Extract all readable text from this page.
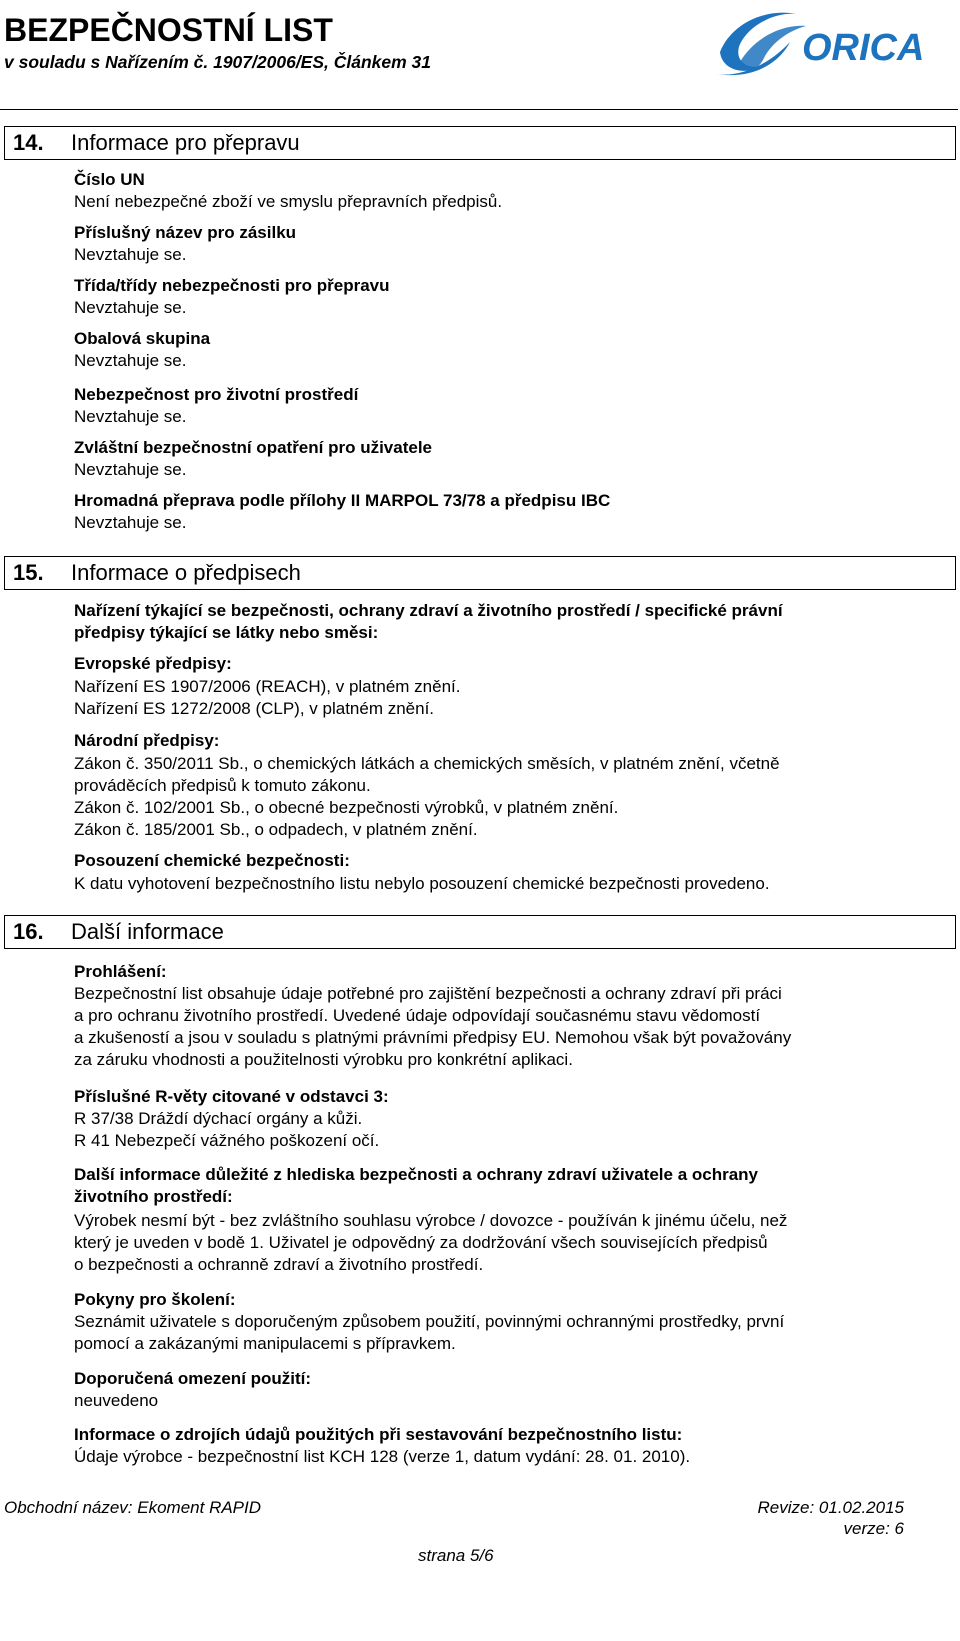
BEZPEČNOSTNÍ LIST
v souladu s Nařízením č. 1907/2006/ES, Článkem 31	ORICA
14. Informace pro přepravu
Číslo UN
Není nebezpečné zboží ve smyslu přepravních předpisů.
Příslušný název pro zásilku
Nevztahuje se.
Třída/třídy nebezpečnosti pro přepravu
Nevztahuje se.
Obalová skupina
Nevztahuje se.
Nebezpečnost pro životní prostředí
Nevztahuje se.
Zvláštní bezpečnostní opatření pro uživatele
Nevztahuje se.
Hromadná přeprava podle přílohy II MARPOL 73/78 a předpisu IBC
Nevztahuje se.
15. Informace o předpisech
Nařízení týkající se bezpečnosti, ochrany zdraví a životního prostředí / specifické právní
předpisy týkající se látky nebo směsi:
Evropské předpisy:
Nařízení ES 1907/2006 (REACH), v platném znění.
Nařízení ES 1272/2008 (CLP), v platném znění.
Národní předpisy:
Zákon č. 350/2011 Sb., o chemických látkách a chemických směsích, v platném znění, včetně
prováděcích předpisů k tomuto zákonu.
Zákon č. 102/2001 Sb., o obecné bezpečnosti výrobků, v platném znění.
Zákon č. 185/2001 Sb., o odpadech, v platném znění.
Posouzení chemické bezpečnosti:
K datu vyhotovení bezpečnostního listu nebylo posouzení chemické bezpečnosti provedeno.
16. Další informace
Prohlášení:
Bezpečnostní list obsahuje údaje potřebné pro zajištění bezpečnosti a ochrany zdraví při práci
a pro ochranu životního prostředí. Uvedené údaje odpovídají současnému stavu vědomostí
a zkušeností a jsou v souladu s platnými právními předpisy EU. Nemohou však být považovány
za záruku vhodnosti a použitelnosti výrobku pro konkrétní aplikaci.
Příslušné R-věty citované v odstavci 3:
R 37/38 Dráždí dýchací orgány a kůži.
R 41 Nebezpečí vážného poškození očí.
Další informace důležité z hlediska bezpečnosti a ochrany zdraví uživatele a ochrany
životního prostředí:
Výrobek nesmí být - bez zvláštního souhlasu výrobce / dovozce - používán k jinému účelu, než
který je uveden v bodě 1. Uživatel je odpovědný za dodržování všech souvisejících předpisů
o bezpečnosti a ochranně zdraví a životního prostředí.
Pokyny pro školení:
Seznámit uživatele s doporučeným způsobem použití, povinnými ochrannými prostředky, první
pomocí a zakázanými manipulacemi s přípravkem.
Doporučená omezení použití:
neuvedeno
Informace o zdrojích údajů použitých při sestavování bezpečnostního listu:
Údaje výrobce - bezpečnostní list KCH 128 (verze 1, datum vydání: 28. 01. 2010).
Obchodní název: Ekoment RAPID	Revize: 01.02.2015
verze: 6
strana 5/6
